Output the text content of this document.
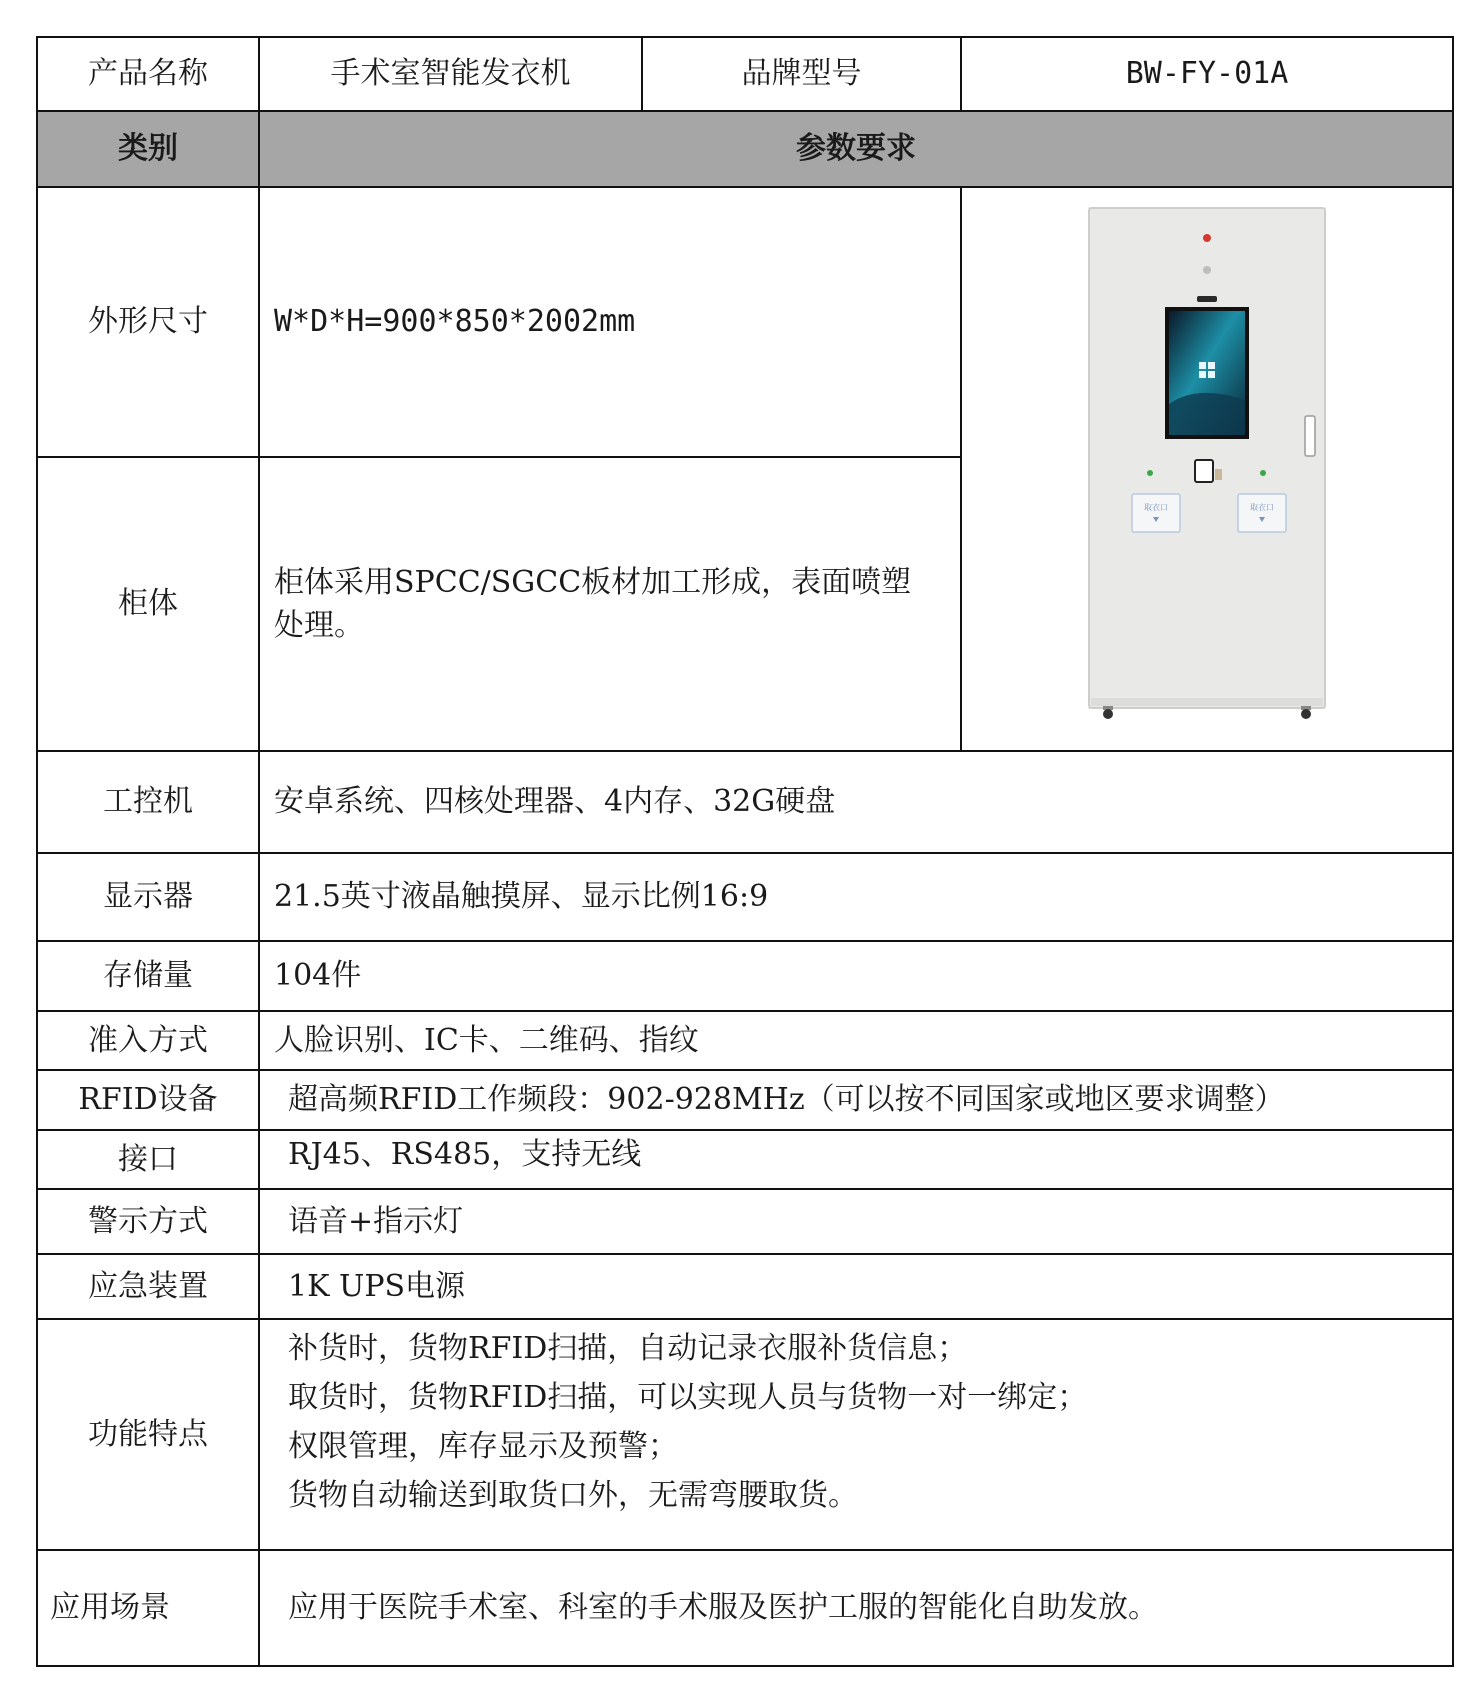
产品名称	手术室智能发衣机	品牌型号	BW-FY-01A
类别	参数要求		
外形尺寸	W*D*H=900*850*2002mm		取衣口 取衣口

柜体	柜体采用SPCC/SGCC板材加工形成，表面喷塑处理。		
工控机	安卓系统、四核处理器、4内存、32G硬盘		
显示器	21.5英寸液晶触摸屏、显示比例16:9		
存储量	104件		
准入方式	人脸识别、IC卡、二维码、指纹		
RFID设备	超高频RFID工作频段：902-928MHz（可以按不同国家或地区要求调整）		
接口	RJ45、RS485，支持无线		
警示方式	语音+指示灯		
应急装置	1K UPS电源		
功能特点	补货时，货物RFID扫描，自动记录衣服补货信息；
取货时，货物RFID扫描，可以实现人员与货物一对一绑定；
权限管理，库存显示及预警；
货物自动输送到取货口外，无需弯腰取货。		

应用场景	应用于医院手术室、科室的手术服及医护工服的智能化自助发放。		
